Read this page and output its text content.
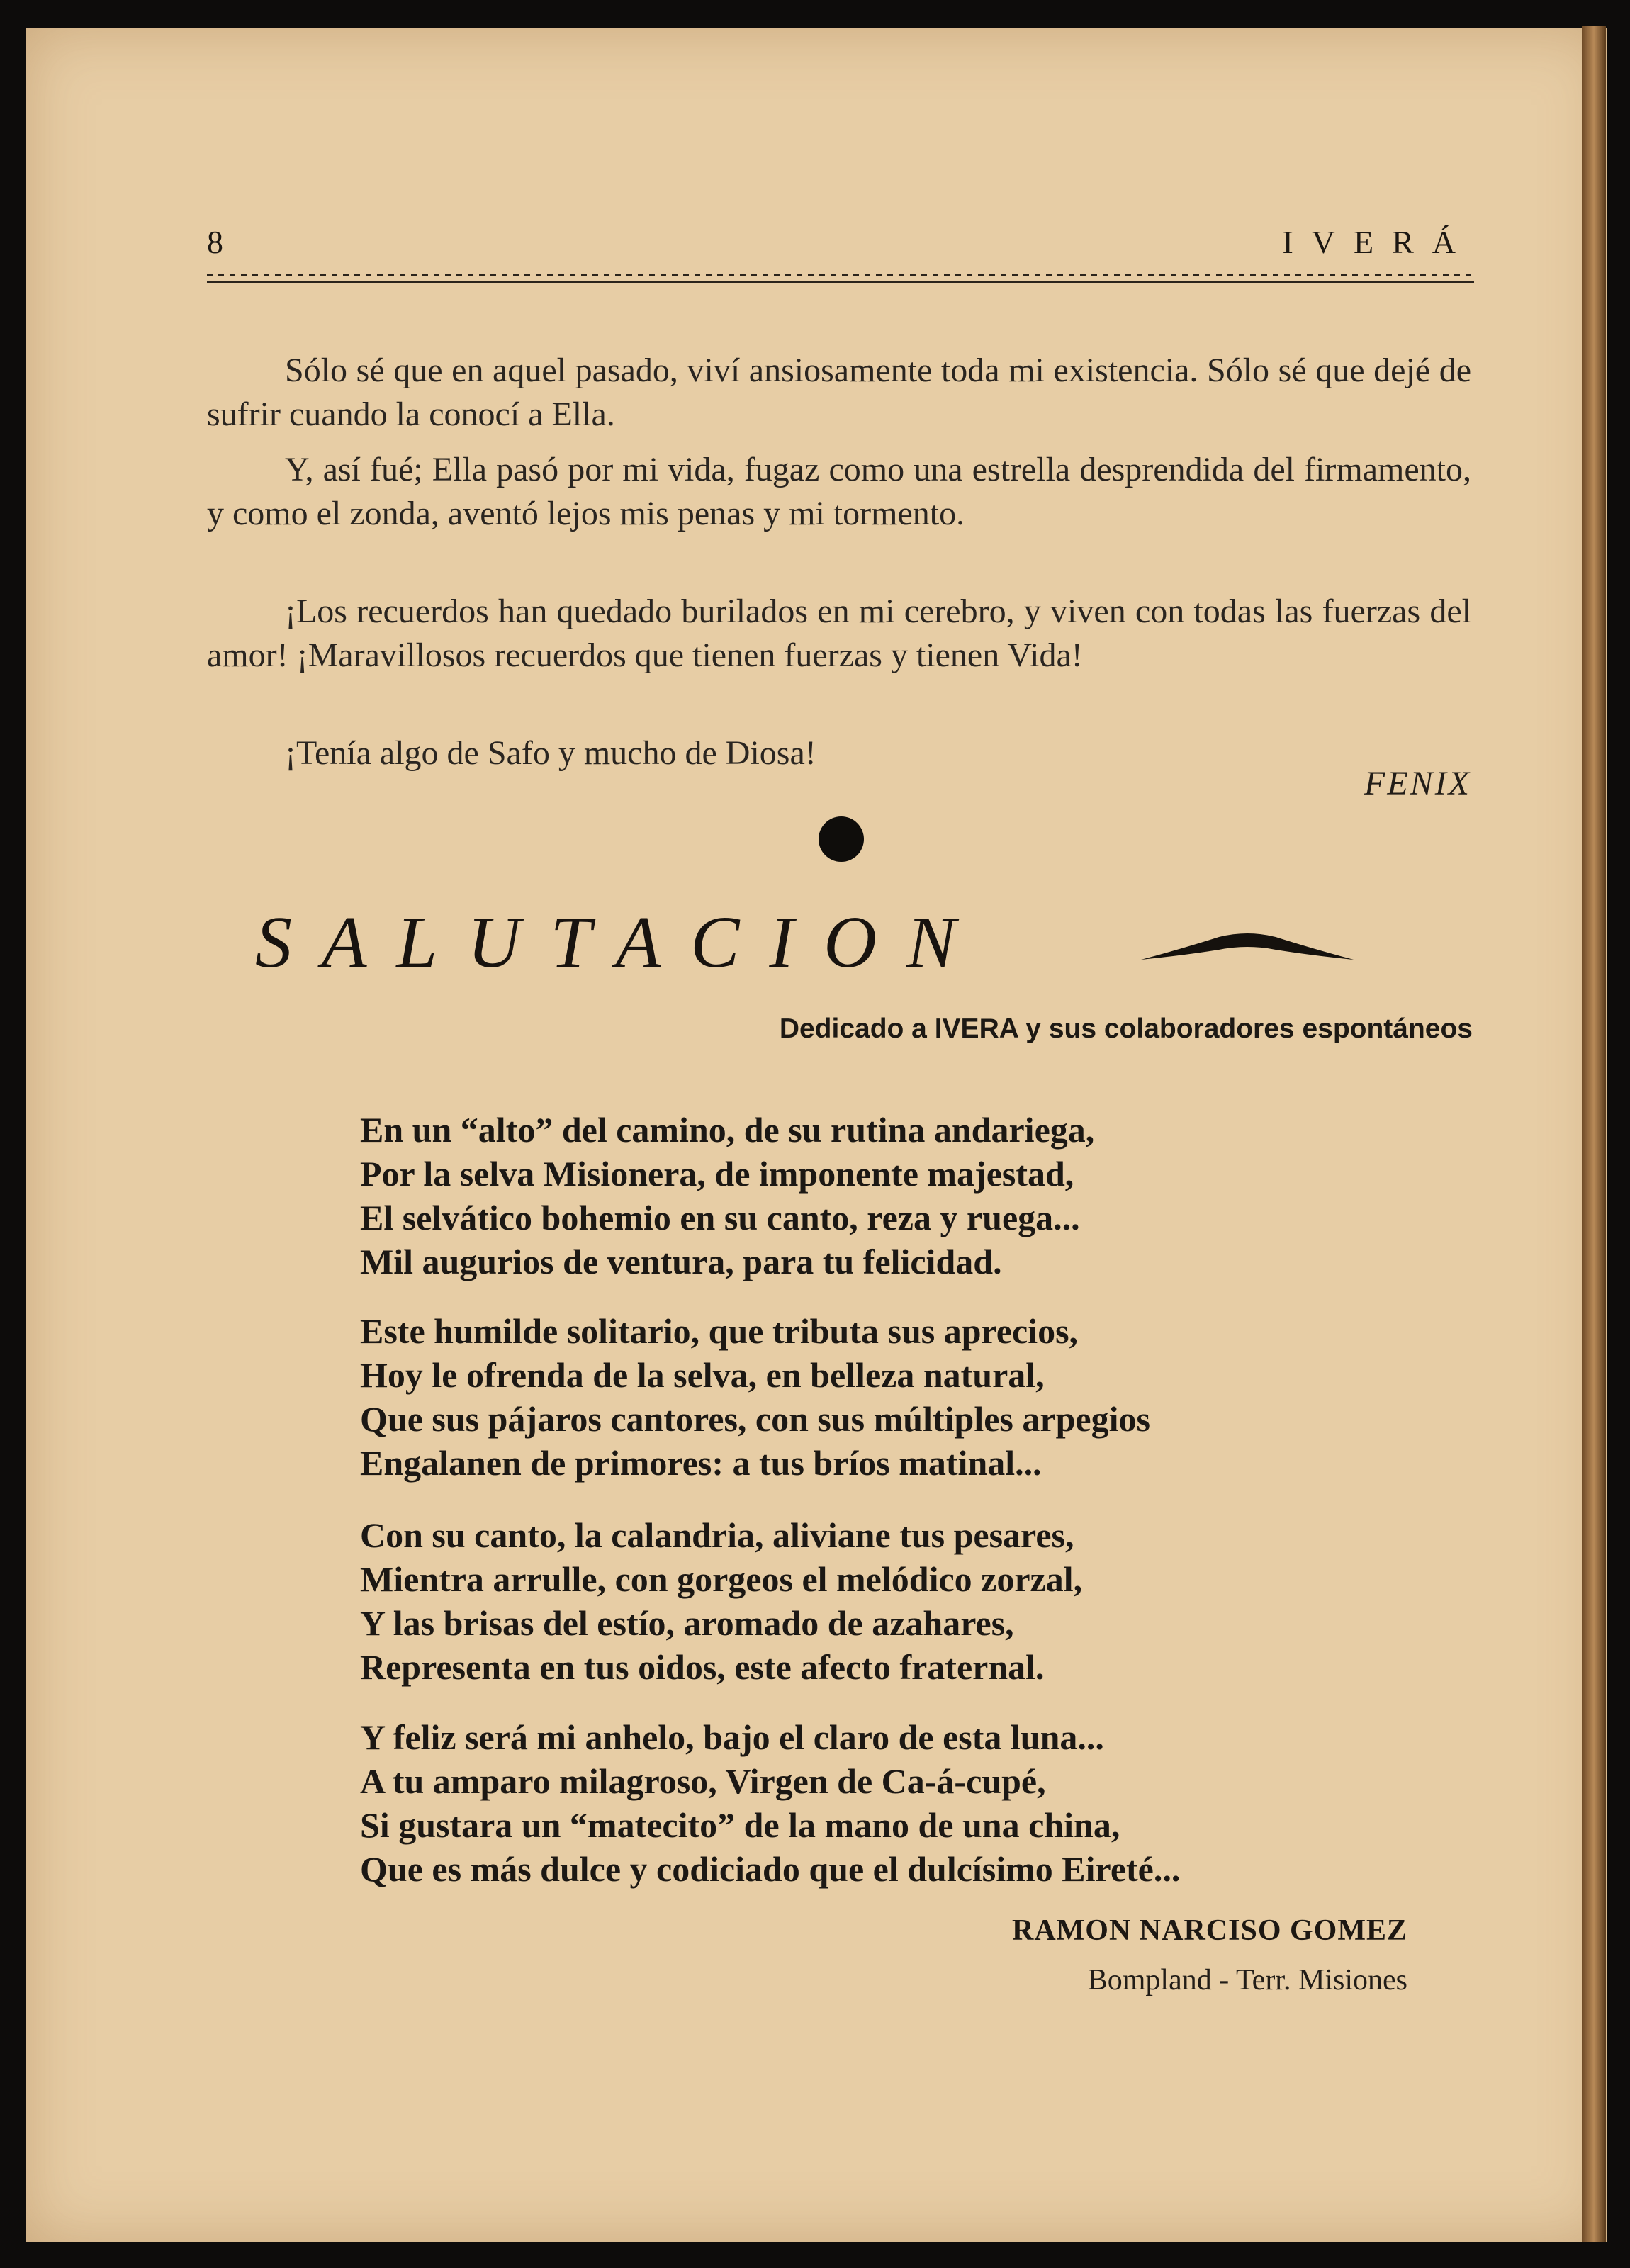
8	IVERÁ

Sólo sé que en aquel pasado, viví ansiosamente toda mi existencia. Sólo sé que dejé de sufrir cuando la conocí a Ella.

Y, así fué; Ella pasó por mi vida, fugaz como una estrella desprendida del firmamento, y como el zonda, aventó lejos mis penas y mi tormento.

¡Los recuerdos han quedado burilados en mi cerebro, y viven con todas las fuerzas del amor! ¡Maravillosos recuerdos que tienen fuerzas y tienen Vida!

¡Tenía algo de Safo y mucho de Diosa!

FENIX
SALUTACION
Dedicado a IVERA y sus colaboradores espontáneos
En un “alto” del camino, de su rutina andariega,
Por la selva Misionera, de imponente majestad,
El selvático bohemio en su canto, reza y ruega...
Mil augurios de ventura, para tu felicidad.
Este humilde solitario, que tributa sus aprecios,
Hoy le ofrenda de la selva, en belleza natural,
Que sus pájaros cantores, con sus múltiples arpegios
Engalanen de primores: a tus bríos matinal...
Con su canto, la calandria, aliviane tus pesares,
Mientra arrulle, con gorgeos el melódico zorzal,
Y las brisas del estío, aromado de azahares,
Representa en tus oidos, este afecto fraternal.
Y feliz será mi anhelo, bajo el claro de esta luna...
A tu amparo milagroso, Virgen de Ca-á-cupé,
Si gustara un “matecito” de la mano de una china,
Que es más dulce y codiciado que el dulcísimo Eireté...
RAMON NARCISO GOMEZ
Bompland - Terr. Misiones
